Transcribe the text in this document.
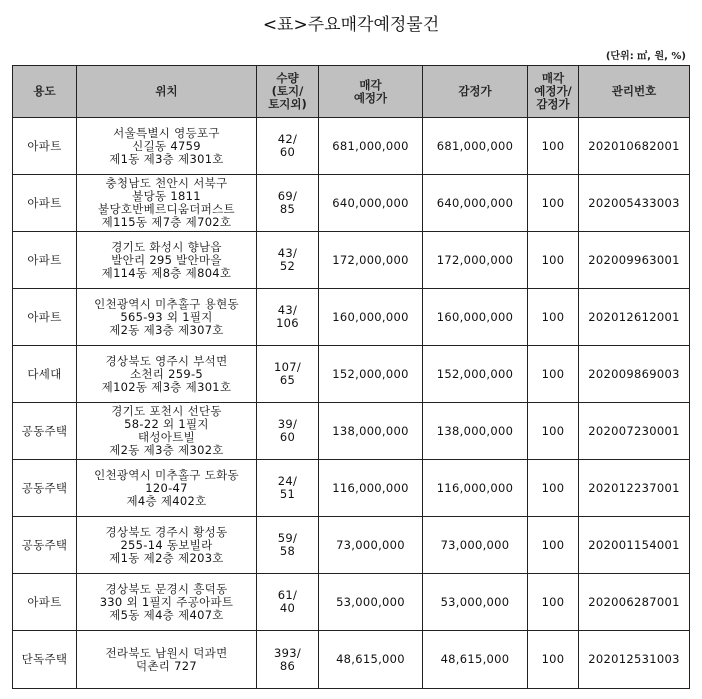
<표>주요매각예정물건
(단위: ㎡, 원, %)
용도	위치	수량
(토지/
토지외)	매각
예정가	감정가	매각
예정가/
감정가	관리번호

아파트	서울특별시 영등포구
신길동 4759
제1동 제3층 제301호	42/
60	681,000,000	681,000,000	100	202010682001
아파트	충청남도 천안시 서북구
불당동 1811
불당호반베르디움더퍼스트
제115동 제7층 제702호	69/
85	640,000,000	640,000,000	100	202005433003
아파트	경기도 화성시 향남읍
발안리 295 발안마을
제114동 제8층 제804호	43/
52	172,000,000	172,000,000	100	202009963001
아파트	인천광역시 미추홀구 용현동
565-93 외 1필지
제2동 제3층 제307호	43/
106	160,000,000	160,000,000	100	202012612001
다세대	경상북도 영주시 부석면
소천리 259-5
제102동 제3층 제301호	107/
65	152,000,000	152,000,000	100	202009869003
공동주택	경기도 포천시 선단동
58-22 외 1필지
태성아트빌
제2동 제3층 제302호	39/
60	138,000,000	138,000,000	100	202007230001
공동주택	인천광역시 미추홀구 도화동
120-47
제4층 제402호	24/
51	116,000,000	116,000,000	100	202012237001
공동주택	경상북도 경주시 황성동
255-14 동보빌라
제1동 제2층 제203호	59/
58	73,000,000	73,000,000	100	202001154001
아파트	경상북도 문경시 흥덕동
330 외 1필지 주공아파트
제5동 제4층 제407호	61/
40	53,000,000	53,000,000	100	202006287001
단독주택	전라북도 남원시 덕과면
덕촌리 727	393/
86	48,615,000	48,615,000	100	202012531003
